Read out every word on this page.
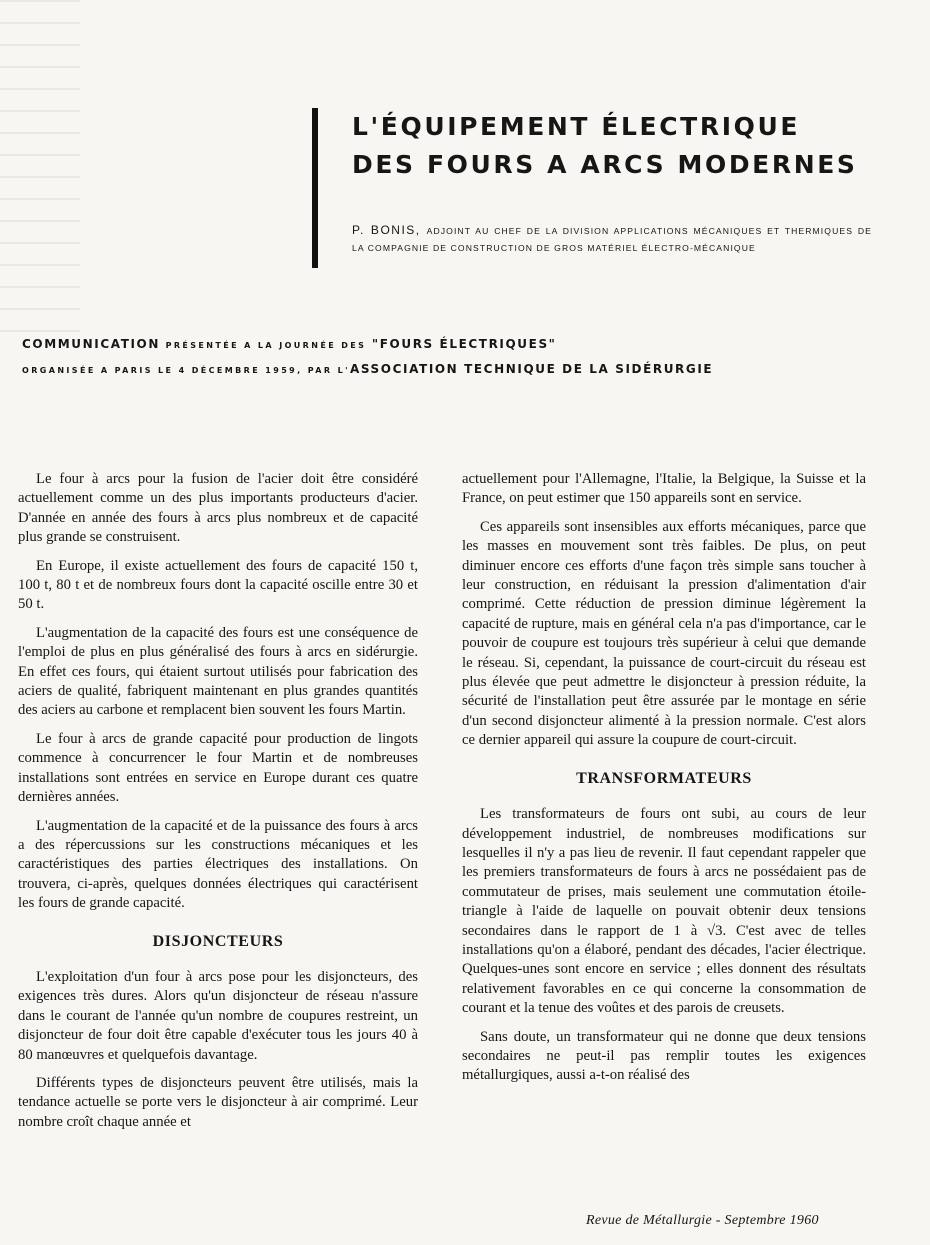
L'ÉQUIPEMENT ÉLECTRIQUE
DES FOURS A ARCS MODERNES
P. BONIS, ADJOINT AU CHEF DE LA DIVISION APPLICATIONS MÉCANIQUES ET THERMIQUES DE LA COMPAGNIE DE CONSTRUCTION DE GROS MATÉRIEL ÉLECTRO-MÉCANIQUE
COMMUNICATION PRÉSENTÉE A LA JOURNÉE DES "FOURS ÉLECTRIQUES"
ORGANISÉE A PARIS LE 4 DÉCEMBRE 1959, PAR L'ASSOCIATION TECHNIQUE DE LA SIDÉRURGIE

Le four à arcs pour la fusion de l'acier doit être considéré actuellement comme un des plus importants producteurs d'acier. D'année en année des fours à arcs plus nombreux et de capacité plus grande se construisent.

En Europe, il existe actuellement des fours de capacité 150 t, 100 t, 80 t et de nombreux fours dont la capacité oscille entre 30 et 50 t.

L'augmentation de la capacité des fours est une conséquence de l'emploi de plus en plus généralisé des fours à arcs en sidérurgie. En effet ces fours, qui étaient surtout utilisés pour fabrication des aciers de qualité, fabriquent maintenant en plus grandes quantités des aciers au carbone et remplacent bien souvent les fours Martin.

Le four à arcs de grande capacité pour production de lingots commence à concurrencer le four Martin et de nombreuses installations sont entrées en service en Europe durant ces quatre dernières années.

L'augmentation de la capacité et de la puissance des fours à arcs a des répercussions sur les constructions mécaniques et les caractéristiques des parties électriques des installations. On trouvera, ci-après, quelques données électriques qui caractérisent les fours de grande capacité.

DISJONCTEURS

L'exploitation d'un four à arcs pose pour les disjoncteurs, des exigences très dures. Alors qu'un disjoncteur de réseau n'assure dans le courant de l'année qu'un nombre de coupures restreint, un disjoncteur de four doit être capable d'exécuter tous les jours 40 à 80 manœuvres et quelquefois davantage.

Différents types de disjoncteurs peuvent être utilisés, mais la tendance actuelle se porte vers le disjoncteur à air comprimé. Leur nombre croît chaque année et

actuellement pour l'Allemagne, l'Italie, la Belgique, la Suisse et la France, on peut estimer que 150 appareils sont en service.

Ces appareils sont insensibles aux efforts mécaniques, parce que les masses en mouvement sont très faibles. De plus, on peut diminuer encore ces efforts d'une façon très simple sans toucher à leur construction, en réduisant la pression d'alimentation d'air comprimé. Cette réduction de pression diminue légèrement la capacité de rupture, mais en général cela n'a pas d'importance, car le pouvoir de coupure est toujours très supérieur à celui que demande le réseau. Si, cependant, la puissance de court-circuit du réseau est plus élevée que peut admettre le disjoncteur à pression réduite, la sécurité de l'installation peut être assurée par le montage en série d'un second disjoncteur alimenté à la pression normale. C'est alors ce dernier appareil qui assure la coupure de court-circuit.

TRANSFORMATEURS

Les transformateurs de fours ont subi, au cours de leur développement industriel, de nombreuses modifications sur lesquelles il n'y a pas lieu de revenir. Il faut cependant rappeler que les premiers transformateurs de fours à arcs ne possédaient pas de commutateur de prises, mais seulement une commutation étoile-triangle à l'aide de laquelle on pouvait obtenir deux tensions secondaires dans le rapport de 1 à √3. C'est avec de telles installations qu'on a élaboré, pendant des décades, l'acier électrique. Quelques-unes sont encore en service ; elles donnent des résultats relativement favorables en ce qui concerne la consommation de courant et la tenue des voûtes et des parois de creusets.

Sans doute, un transformateur qui ne donne que deux tensions secondaires ne peut-il pas remplir toutes les exigences métallurgiques, aussi a-t-on réalisé des

Revue de Métallurgie - Septembre 1960
